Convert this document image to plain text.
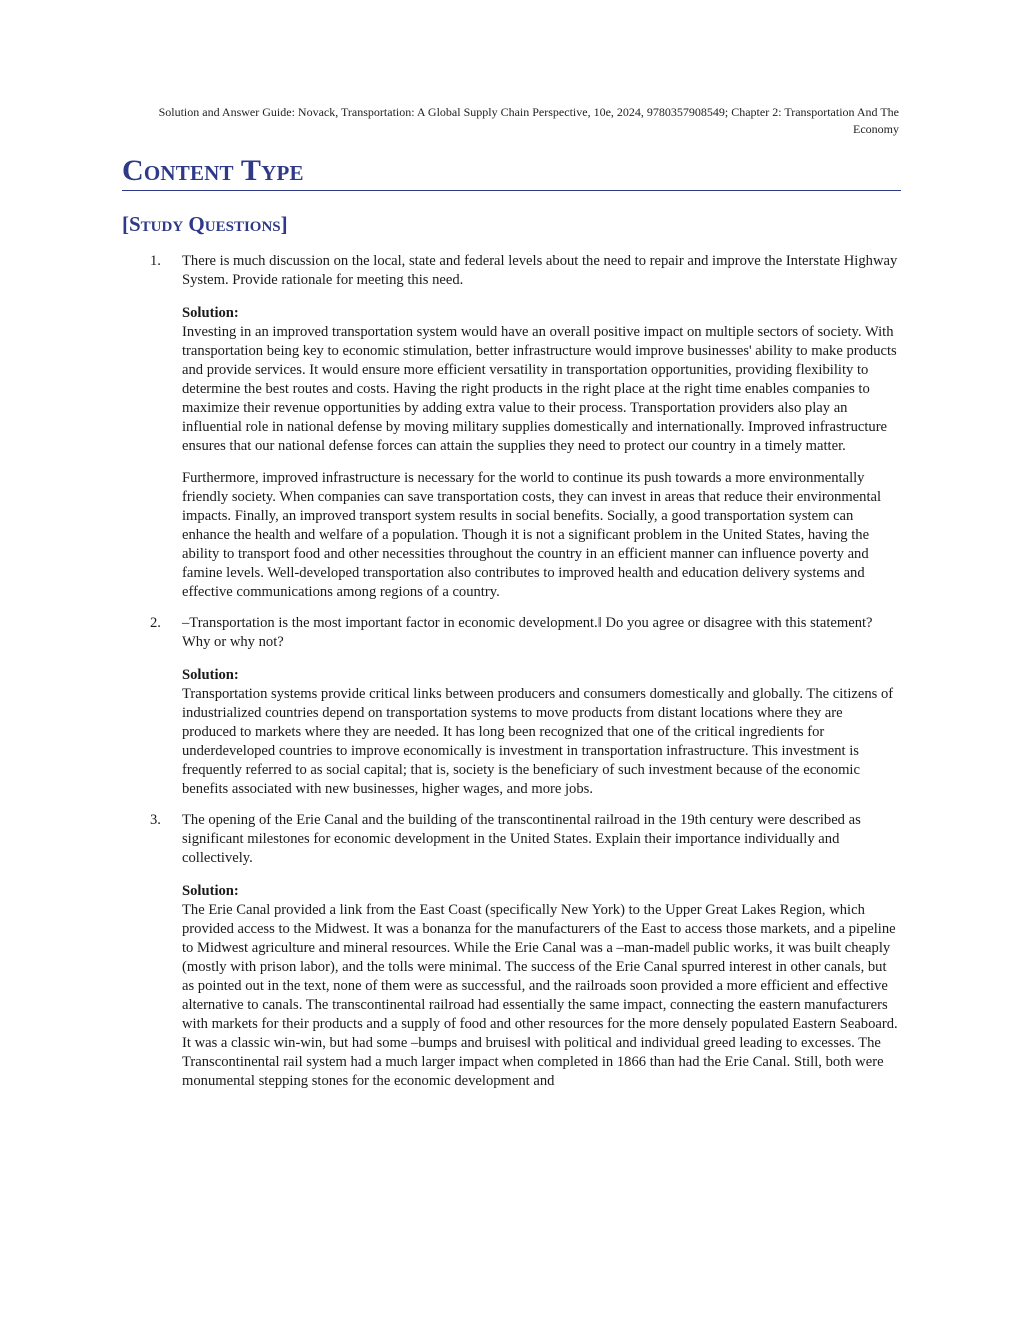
Solution and Answer Guide: Novack, Transportation: A Global Supply Chain Perspective, 10e, 2024, 9780357908549; Chapter 2: Transportation And The Economy
Content Type
[Study Questions]
1. There is much discussion on the local, state and federal levels about the need to repair and improve the Interstate Highway System. Provide rationale for meeting this need.

Solution:

Investing in an improved transportation system would have an overall positive impact on multiple sectors of society. With transportation being key to economic stimulation, better infrastructure would improve businesses' ability to make products and provide services. It would ensure more efficient versatility in transportation opportunities, providing flexibility to determine the best routes and costs. Having the right products in the right place at the right time enables companies to maximize their revenue opportunities by adding extra value to their process. Transportation providers also play an influential role in national defense by moving military supplies domestically and internationally. Improved infrastructure ensures that our national defense forces can attain the supplies they need to protect our country in a timely matter.

Furthermore, improved infrastructure is necessary for the world to continue its push towards a more environmentally friendly society. When companies can save transportation costs, they can invest in areas that reduce their environmental impacts. Finally, an improved transport system results in social benefits. Socially, a good transportation system can enhance the health and welfare of a population. Though it is not a significant problem in the United States, having the ability to transport food and other necessities throughout the country in an efficient manner can influence poverty and famine levels. Well-developed transportation also contributes to improved health and education delivery systems and effective communications among regions of a country.

2. –Transportation is the most important factor in economic development.‖ Do you agree or disagree with this statement? Why or why not?

Solution:

Transportation systems provide critical links between producers and consumers domestically and globally. The citizens of industrialized countries depend on transportation systems to move products from distant locations where they are produced to markets where they are needed. It has long been recognized that one of the critical ingredients for underdeveloped countries to improve economically is investment in transportation infrastructure. This investment is frequently referred to as social capital; that is, society is the beneficiary of such investment because of the economic benefits associated with new businesses, higher wages, and more jobs.

3. The opening of the Erie Canal and the building of the transcontinental railroad in the 19th century were described as significant milestones for economic development in the United States. Explain their importance individually and collectively.

Solution:

The Erie Canal provided a link from the East Coast (specifically New York) to the Upper Great Lakes Region, which provided access to the Midwest. It was a bonanza for the manufacturers of the East to access those markets, and a pipeline to Midwest agriculture and mineral resources. While the Erie Canal was a –man-made‖ public works, it was built cheaply (mostly with prison labor), and the tolls were minimal. The success of the Erie Canal spurred interest in other canals, but as pointed out in the text, none of them were as successful, and the railroads soon provided a more efficient and effective alternative to canals. The transcontinental railroad had essentially the same impact, connecting the eastern manufacturers with markets for their products and a supply of food and other resources for the more densely populated Eastern Seaboard. It was a classic win-win, but had some –bumps and bruises‖ with political and individual greed leading to excesses. The Transcontinental rail system had a much larger impact when completed in 1866 than had the Erie Canal. Still, both were monumental stepping stones for the economic development and
